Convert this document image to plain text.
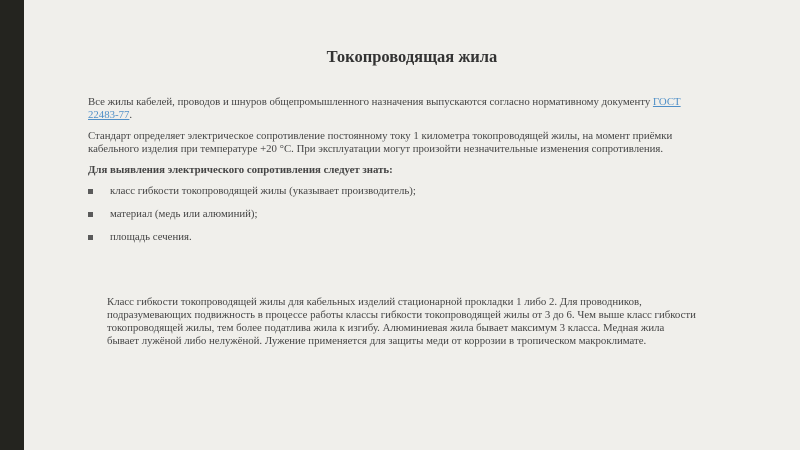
Токопроводящая жила

Все жилы кабелей, проводов и шнуров общепромышленного назначения выпускаются согласно нормативному документу ГОСТ 22483-77.

Стандарт определяет электрическое сопротивление постоянному току 1 километра токопроводящей жилы, на момент приёмки кабельного изделия при температуре +20 °С. При эксплуатации могут произойти незначительные изменения сопротивления.

Для выявления электрического сопротивления следует знать:

класс гибкости токопроводящей жилы (указывает производитель);
материал (медь или алюминий);
площадь сечения.

Класс гибкости токопроводящей жилы для кабельных изделий стационарной прокладки 1 либо 2. Для проводников, подразумевающих подвижность в процессе работы классы гибкости токопроводящей жилы от 3 до 6. Чем выше класс гибкости токопроводящей жилы, тем более податлива жила к изгибу. Алюминиевая жила бывает максимум 3 класса. Медная жила бывает лужёной либо нелужёной. Лужение применяется для защиты меди от коррозии в тропическом макроклимате.
